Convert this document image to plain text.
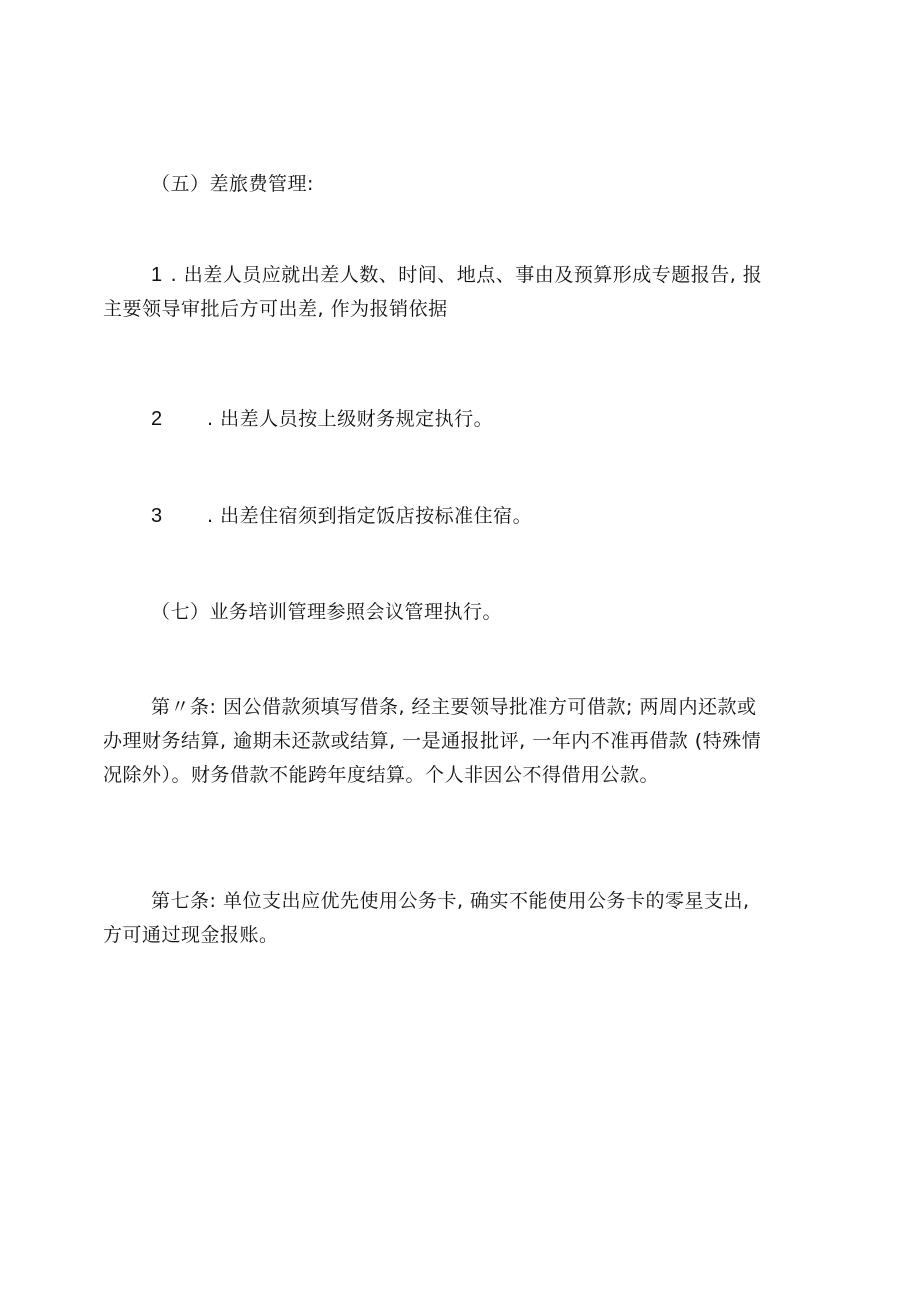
（五）差旅费管理:
1 . 出差人员应就出差人数、时间、地点、事由及预算形成专题报告, 报
主要领导审批后方可出差, 作为报销依据
2 . 出差人员按上级财务规定执行。
3 . 出差住宿须到指定饭店按标准住宿。
（七）业务培训管理参照会议管理执行。
第〃条: 因公借款须填写借条, 经主要领导批准方可借款; 两周内还款或
办理财务结算, 逾期未还款或结算, 一是通报批评, 一年内不准再借款 (特殊情
况除外）。财务借款不能跨年度结算。个人非因公不得借用公款。
第七条: 单位支出应优先使用公务卡, 确实不能使用公务卡的零星支出,
方可通过现金报账。
